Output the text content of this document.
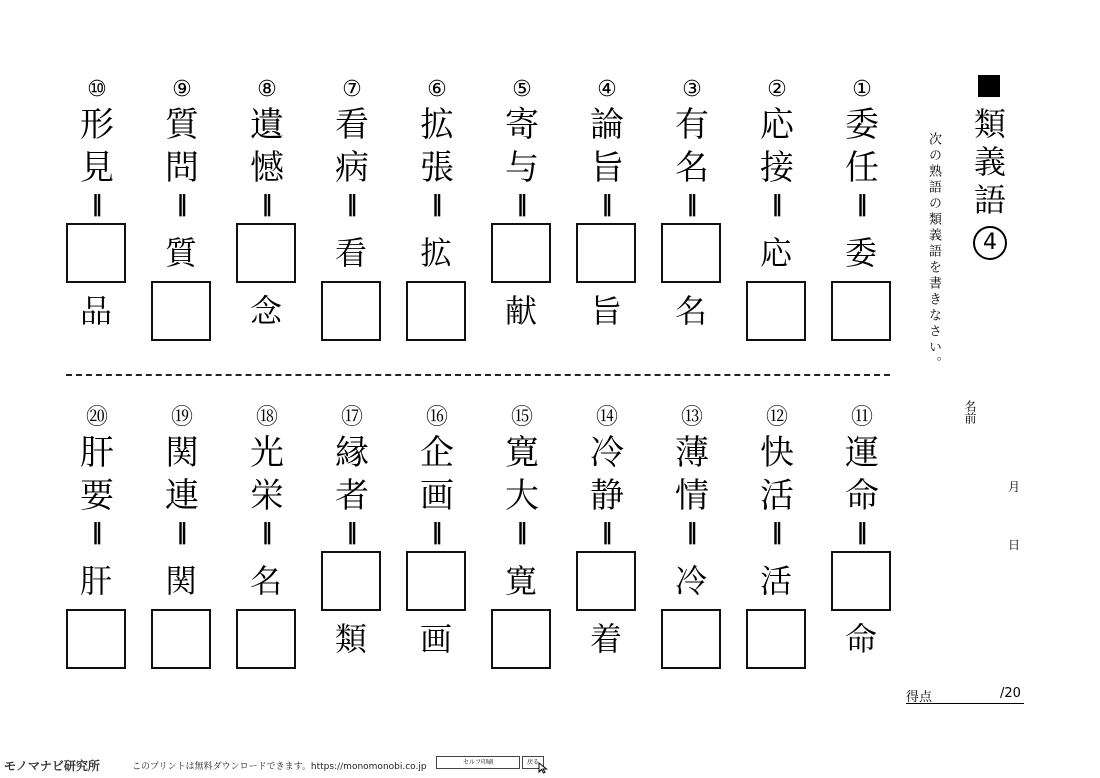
⑩
形
見
‖
品
⑨
質
問
‖
質
⑧
遺
憾
‖
念
⑦
看
病
‖
看
⑥
拡
張
‖
拡
⑤
寄
与
‖
献
④
論
旨
‖
旨
③
有
名
‖
名
②
応
接
‖
応
①
委
任
‖
委
⑳
肝
要
‖
肝
⑲
関
連
‖
関
⑱
光
栄
‖
名
⑰
縁
者
‖
類
⑯
企
画
‖
画
⑮
寛
大
‖
寛
⑭
冷
静
‖
着
⑬
薄
情
‖
冷
⑫
快
活
‖
活
⑪
運
命
‖
命
類
義
語
4
次の熟語の類義語を書きなさい。
名前
月
日
得点	/20
モノマナビ研究所	このプリントは無料ダウンロードできます。https://monomonobi.co.jp	セルフ印刷	戻る
